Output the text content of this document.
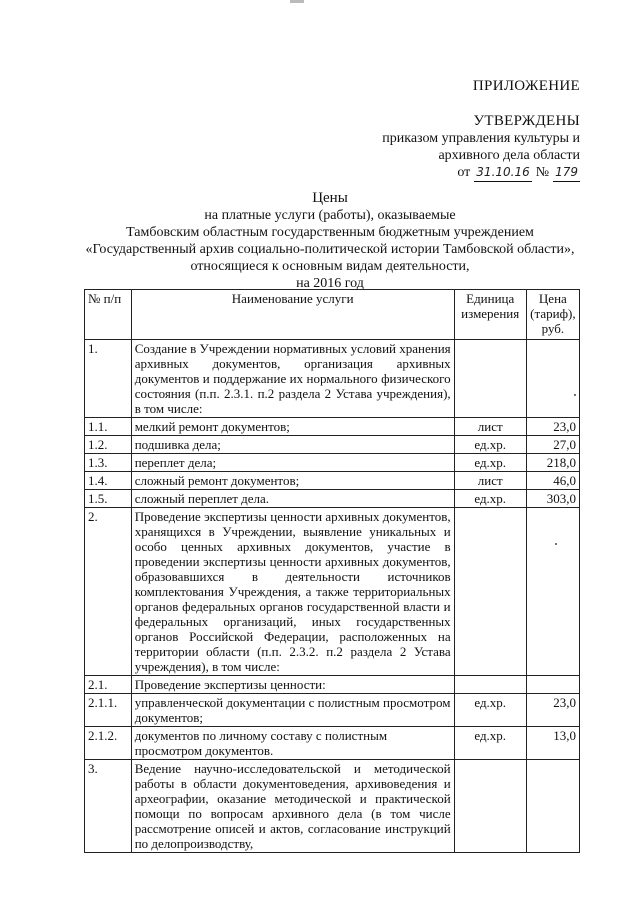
ПРИЛОЖЕНИЕ
УТВЕРЖДЕНЫ
приказом управления культуры и
архивного дела области
от 31.10.16 № 179
Цены
на платные услуги (работы), оказываемые
Тамбовским областным государственным бюджетным учреждением
«Государственный архив социально-политической истории Тамбовской области»,
относящиеся к основным видам деятельности,
на 2016 год
№ п/п	Наименование услуги	Единица измерения	Цена (тариф), руб.
1.	Создание в Учреждении нормативных условий хранения архивных документов, организация архивных документов и поддержание их нормального физического состояния (п.п. 2.3.1. п.2 раздела 2 Устава учреждения), в том числе:		
1.1.	мелкий ремонт документов;	лист	23,0
1.2.	подшивка дела;	ед.хр.	27,0
1.3.	переплет дела;	ед.хр.	218,0
1.4.	сложный ремонт документов;	лист	46,0
1.5.	сложный переплет дела.	ед.хр.	303,0
2.	Проведение экспертизы ценности архивных документов, хранящихся в Учреждении, выявление уникальных и особо ценных архивных документов, участие в проведении экспертизы ценности архивных документов, образовавшихся в деятельности источников комплектования Учреждения, а также территориальных органов федеральных органов государственной власти и федеральных организаций, иных государственных органов Российской Федерации, расположенных на территории области (п.п. 2.3.2. п.2 раздела 2 Устава учреждения), в том числе:		
2.1.	Проведение экспертизы ценности:		
2.1.1.	управленческой документации с полистным просмотром документов;	ед.хр.	23,0
2.1.2.	документов по личному составу с полистным просмотром документов.	ед.хр.	13,0
3.	Ведение научно-исследовательской и методической работы в области документоведения, архивоведения и археографии, оказание методической и практической помощи по вопросам архивного дела (в том числе рассмотрение описей и актов, согласование инструкций по делопроизводству,		
